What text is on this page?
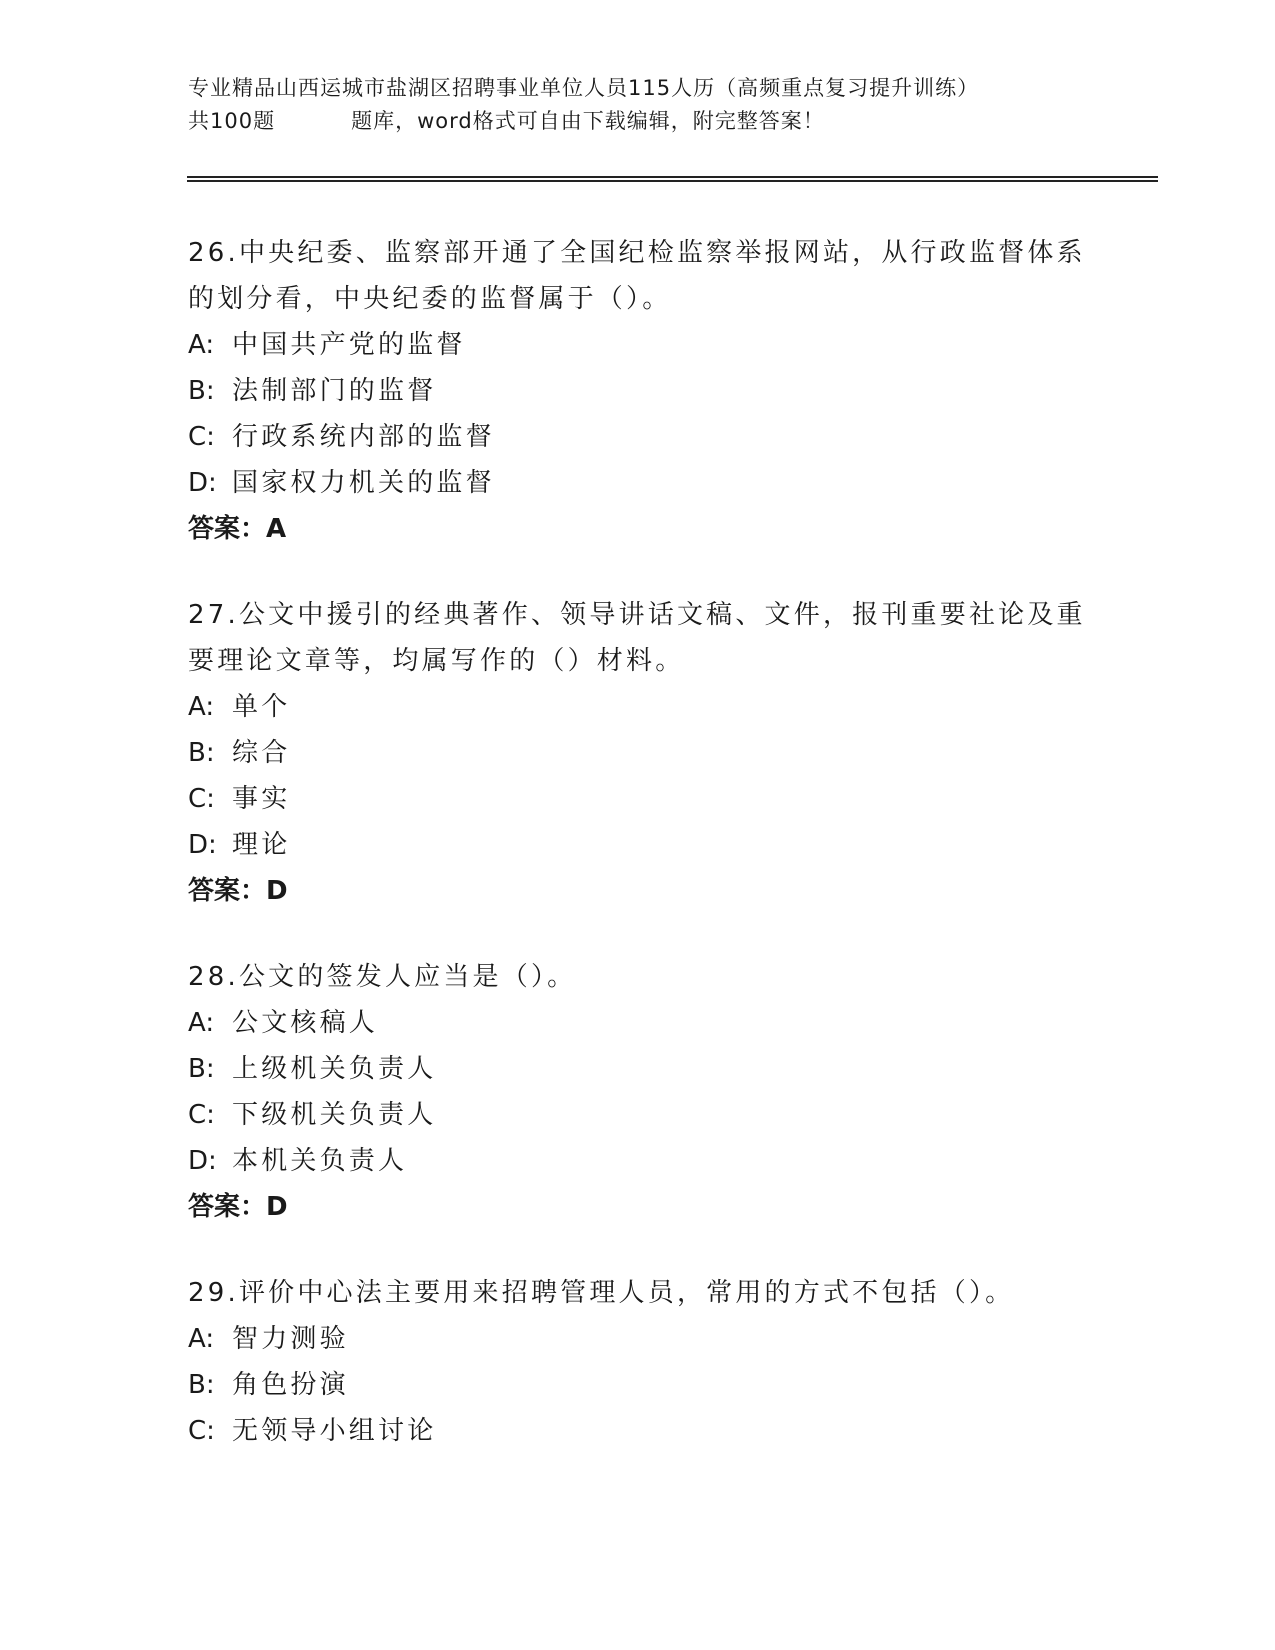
专业精品山西运城市盐湖区招聘事业单位人员115人历（高频重点复习提升训练）
共100题	题库，word格式可自由下载编辑，附完整答案！

26.中央纪委、监察部开通了全国纪检监察举报网站，从行政监督体系的划分看，中央纪委的监督属于（）。

A: 中国共产党的监督
B: 法制部门的监督
C: 行政系统内部的监督
D: 国家权力机关的监督
答案：A

27.公文中援引的经典著作、领导讲话文稿、文件，报刊重要社论及重要理论文章等，均属写作的（）材料。

A: 单个
B: 综合
C: 事实
D: 理论
答案：D

28.公文的签发人应当是（）。

A: 公文核稿人
B: 上级机关负责人
C: 下级机关负责人
D: 本机关负责人
答案：D

29.评价中心法主要用来招聘管理人员，常用的方式不包括（）。

A: 智力测验
B: 角色扮演
C: 无领导小组讨论
